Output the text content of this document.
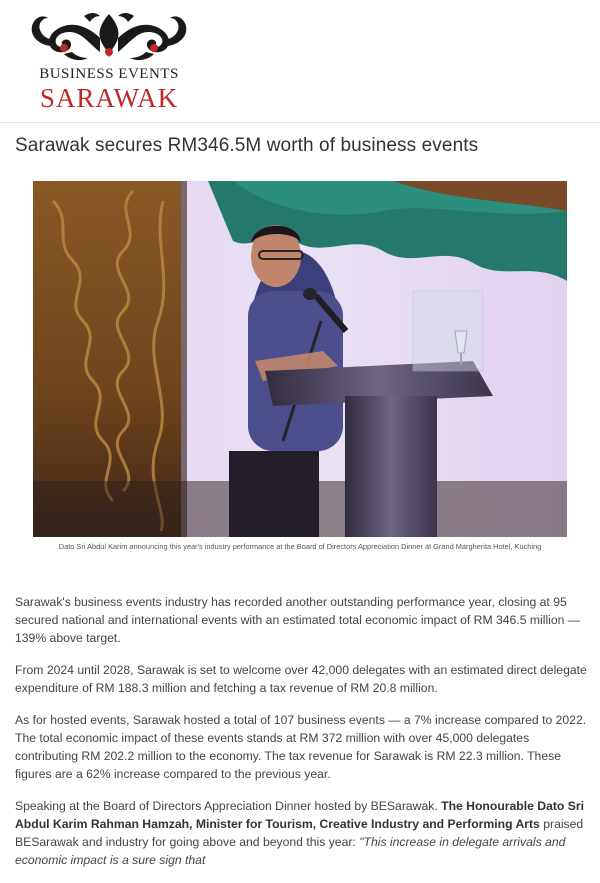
BUSINESS EVENTS
SARAWAK
Sarawak secures RM346.5M worth of business events
Dato Sri Abdul Karim announcing this year's industry performance at the Board of Directors Appreciation Dinner at Grand Margherita Hotel, Kuching

Sarawak's business events industry has recorded another outstanding performance year, closing at 95 secured national and international events with an estimated total economic impact of RM 346.5 million — 139% above target.

From 2024 until 2028, Sarawak is set to welcome over 42,000 delegates with an estimated direct delegate expenditure of RM 188.3 million and fetching a tax revenue of RM 20.8 million.

As for hosted events, Sarawak hosted a total of 107 business events — a 7% increase compared to 2022. The total economic impact of these events stands at RM 372 million with over 45,000 delegates contributing RM 202.2 million to the economy. The tax revenue for Sarawak is RM 22.3 million. These figures are a 62% increase compared to the previous year.

Speaking at the Board of Directors Appreciation Dinner hosted by BESarawak. The Honourable Dato Sri Abdul Karim Rahman Hamzah, Minister for Tourism, Creative Industry and Performing Arts praised BESarawak and industry for going above and beyond this year: "This increase in delegate arrivals and economic impact is a sure sign that
